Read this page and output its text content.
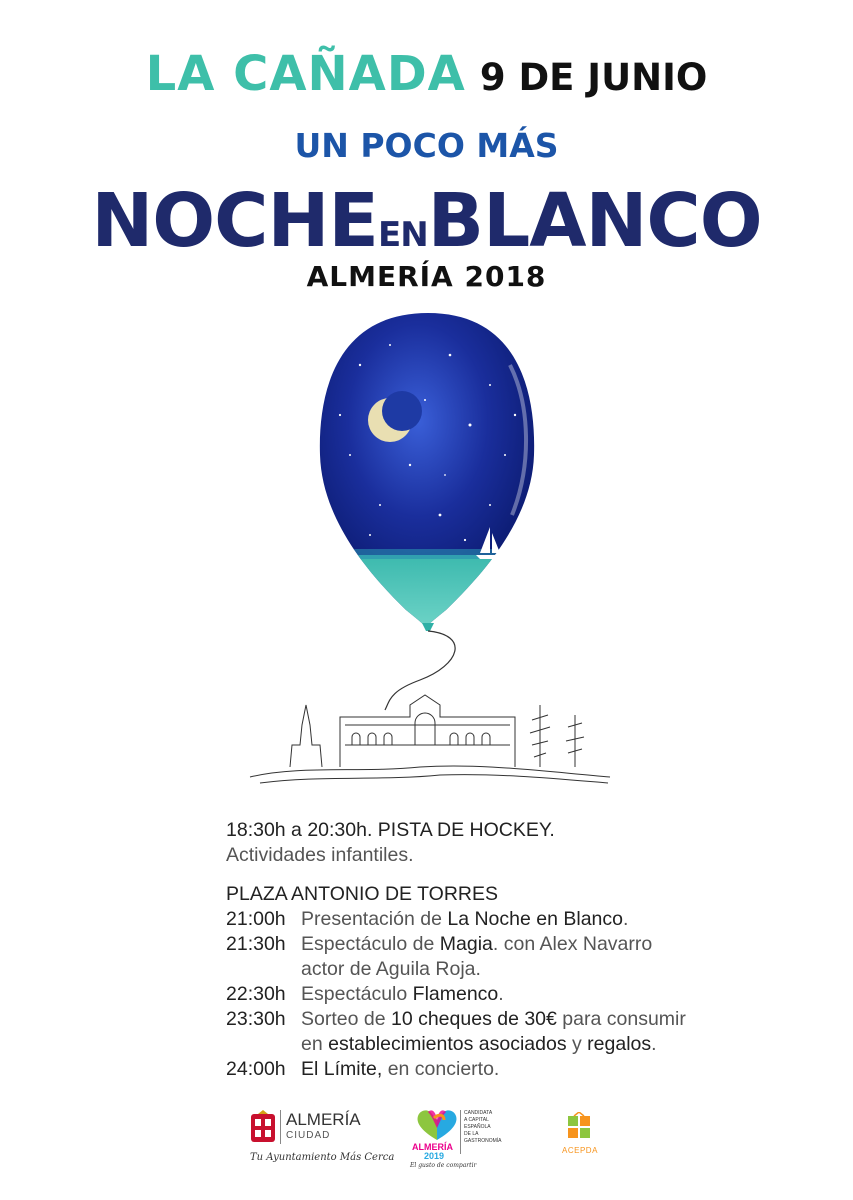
LA CAÑADA 9 DE JUNIO
UN POCO MÁS
NOCHEENBLANCO
ALMERÍA 2018
18:30h a 20:30h. PISTA DE HOCKEY.
Actividades infantiles.
PLAZA ANTONIO DE TORRES
21:00h Presentación de La Noche en Blanco.
21:30h Espectáculo de Magia. con Alex Navarro
actor de Aguila Roja.
22:30h Espectáculo Flamenco.
23:30h Sorteo de 10 cheques de 30€ para consumir
en establecimientos asociados y regalos.
24:00h El Límite, en concierto.
ALMERÍA
CIUDAD
Tu Ayuntamiento Más Cerca
ALMERÍA
2019
El gusto de compartir
CANDIDATA
A CAPITAL
ESPAÑOLA
DE LA
GASTRONOMÍA
ACEPDA
